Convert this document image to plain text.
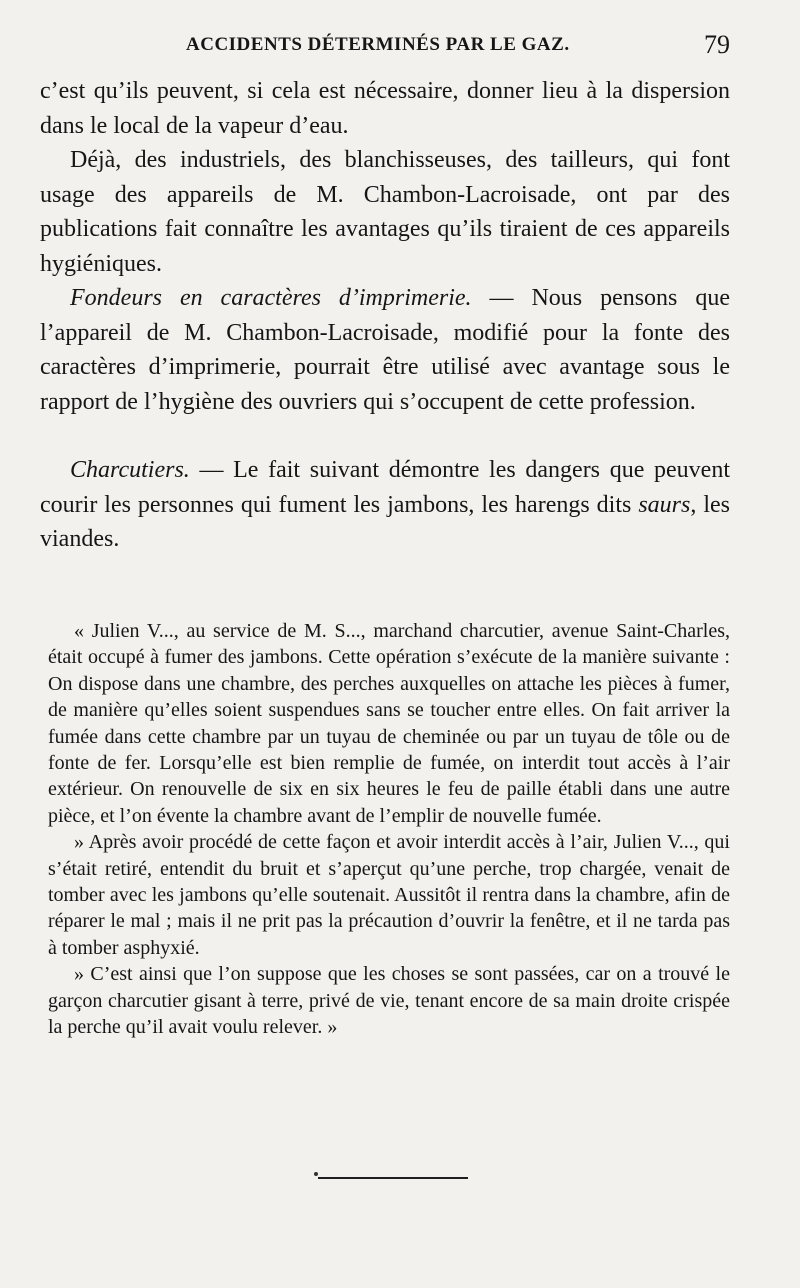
ACCIDENTS DÉTERMINÉS PAR LE GAZ.	79

c’est qu’ils peuvent, si cela est nécessaire, donner lieu à la dispersion dans le local de la vapeur d’eau.

Déjà, des industriels, des blanchisseuses, des tailleurs, qui font usage des appareils de M. Chambon-Lacroisade, ont par des publications fait connaître les avantages qu’ils tiraient de ces appareils hygiéniques.

Fondeurs en caractères d’imprimerie. — Nous pensons que l’appareil de M. Chambon-Lacroisade, modifié pour la fonte des caractères d’imprimerie, pourrait être utilisé avec avantage sous le rapport de l’hygiène des ouvriers qui s’occupent de cette profession.

Charcutiers. — Le fait suivant démontre les dangers que peuvent courir les personnes qui fument les jambons, les harengs dits saurs, les viandes.

« Julien V..., au service de M. S..., marchand charcutier, avenue Saint-Charles, était occupé à fumer des jambons. Cette opération s’exécute de la manière suivante : On dispose dans une chambre, des perches auxquelles on attache les pièces à fumer, de manière qu’elles soient suspendues sans se toucher entre elles. On fait arriver la fumée dans cette chambre par un tuyau de cheminée ou par un tuyau de tôle ou de fonte de fer. Lorsqu’elle est bien remplie de fumée, on interdit tout accès à l’air extérieur. On renouvelle de six en six heures le feu de paille établi dans une autre pièce, et l’on évente la chambre avant de l’emplir de nouvelle fumée.

» Après avoir procédé de cette façon et avoir interdit accès à l’air, Julien V..., qui s’était retiré, entendit du bruit et s’aperçut qu’une perche, trop chargée, venait de tomber avec les jambons qu’elle soutenait. Aussitôt il rentra dans la chambre, afin de réparer le mal ; mais il ne prit pas la précaution d’ouvrir la fenêtre, et il ne tarda pas à tomber asphyxié.

» C’est ainsi que l’on suppose que les choses se sont passées, car on a trouvé le garçon charcutier gisant à terre, privé de vie, tenant encore de sa main droite crispée la perche qu’il avait voulu relever. »
